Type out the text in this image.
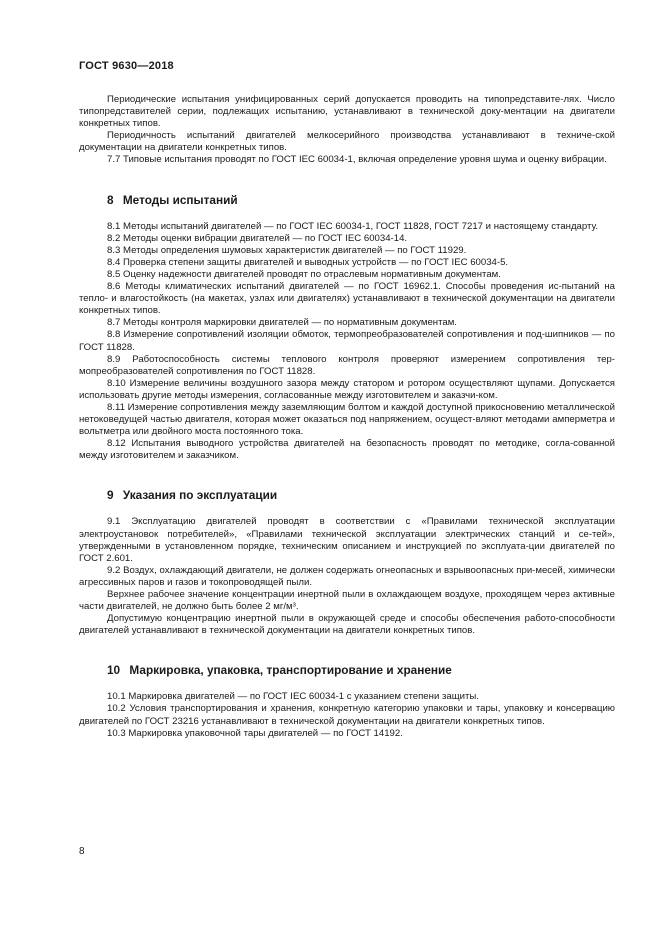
ГОСТ 9630—2018

Периодические испытания унифицированных серий допускается проводить на типопредставите-лях. Число типопредставителей серии, подлежащих испытанию, устанавливают в технической доку-ментации на двигатели конкретных типов.

Периодичность испытаний двигателей мелкосерийного производства устанавливают в техниче-ской документации на двигатели конкретных типов.

7.7 Типовые испытания проводят по ГОСТ IEC 60034-1, включая определение уровня шума и оценку вибрации.

8 Методы испытаний

8.1 Методы испытаний двигателей — по ГОСТ IEC 60034-1, ГОСТ 11828, ГОСТ 7217 и настоящему стандарту.

8.2 Методы оценки вибрации двигателей — по ГОСТ IEC 60034-14.

8.3 Методы определения шумовых характеристик двигателей — по ГОСТ 11929.

8.4 Проверка степени защиты двигателей и выводных устройств — по ГОСТ IEC 60034-5.

8.5 Оценку надежности двигателей проводят по отраслевым нормативным документам.

8.6 Методы климатических испытаний двигателей — по ГОСТ 16962.1. Способы проведения ис-пытаний на тепло- и влагостойкость (на макетах, узлах или двигателях) устанавливают в технической документации на двигатели конкретных типов.

8.7 Методы контроля маркировки двигателей — по нормативным документам.

8.8 Измерение сопротивлений изоляции обмоток, термопреобразователей сопротивления и под-шипников — по ГОСТ 11828.

8.9 Работоспособность системы теплового контроля проверяют измерением сопротивления тер-мопреобразователей сопротивления по ГОСТ 11828.

8.10 Измерение величины воздушного зазора между статором и ротором осуществляют щупами. Допускается использовать другие методы измерения, согласованные между изготовителем и заказчи-ком.

8.11 Измерение сопротивления между заземляющим болтом и каждой доступной прикосновению металлической нетоковедущей частью двигателя, которая может оказаться под напряжением, осущест-вляют методами амперметра и вольтметра или двойного моста постоянного тока.

8.12 Испытания выводного устройства двигателей на безопасность проводят по методике, согла-сованной между изготовителем и заказчиком.

9 Указания по эксплуатации

9.1 Эксплуатацию двигателей проводят в соответствии с «Правилами технической эксплуатации электроустановок потребителей», «Правилами технической эксплуатации электрических станций и се-тей», утвержденными в установленном порядке, техническим описанием и инструкцией по эксплуата-ции двигателей по ГОСТ 2.601.

9.2 Воздух, охлаждающий двигатели, не должен содержать огнеопасных и взрывоопасных при-месей, химически агрессивных паров и газов и токопроводящей пыли.

Верхнее рабочее значение концентрации инертной пыли в охлаждающем воздухе, проходящем через активные части двигателей, не должно быть более 2 мг/м³.

Допустимую концентрацию инертной пыли в окружающей среде и способы обеспечения работо-способности двигателей устанавливают в технической документации на двигатели конкретных типов.

10 Маркировка, упаковка, транспортирование и хранение

10.1 Маркировка двигателей — по ГОСТ IEC 60034-1 с указанием степени защиты.

10.2 Условия транспортирования и хранения, конкретную категорию упаковки и тары, упаковку и консервацию двигателей по ГОСТ 23216 устанавливают в технической документации на двигатели конкретных типов.

10.3 Маркировка упаковочной тары двигателей — по ГОСТ 14192.

8
